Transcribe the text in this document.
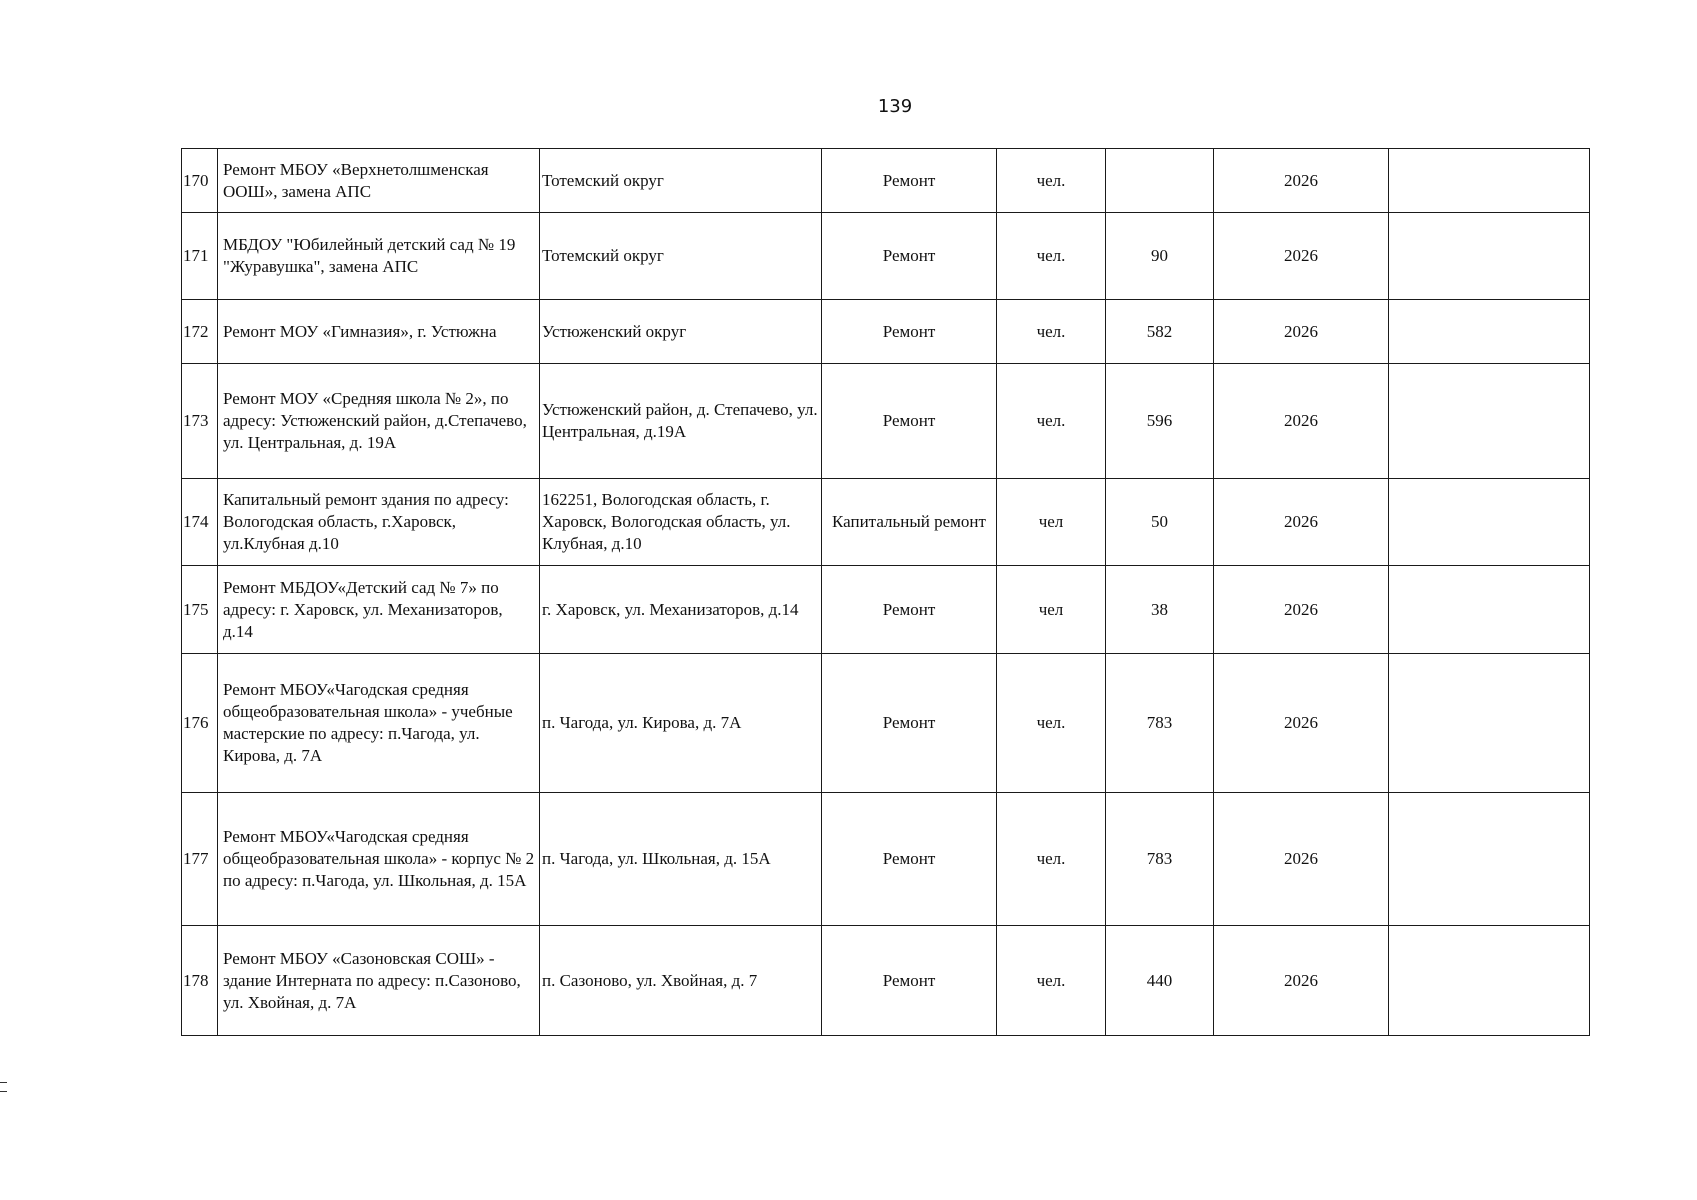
139
170	Ремонт МБОУ «Верхнетолшменская ООШ», замена АПС	Тотемский округ	Ремонт	чел.		2026	
171	МБДОУ "Юбилейный детский сад № 19 "Журавушка", замена АПС	Тотемский округ	Ремонт	чел.	90	2026	
172	Ремонт МОУ «Гимназия», г. Устюжна	Устюженский округ	Ремонт	чел.	582	2026	
173	Ремонт МОУ «Средняя школа № 2», по адресу: Устюженский район, д.Степачево, ул. Центральная, д. 19А	Устюженский район, д. Степачево, ул. Центральная, д.19А	Ремонт	чел.	596	2026	
174	Капитальный ремонт здания по адресу: Вологодская область, г.Харовск, ул.Клубная д.10	162251, Вологодская область, г. Харовск, Вологодская область, ул. Клубная, д.10	Капитальный ремонт	чел	50	2026	
175	Ремонт МБДОУ«Детский сад № 7» по адресу: г. Харовск, ул. Механизаторов, д.14	г. Харовск, ул. Механизаторов, д.14	Ремонт	чел	38	2026	
176	Ремонт МБОУ«Чагодская средняя общеобразовательная школа» - учебные мастерские по адресу: п.Чагода, ул. Кирова, д. 7А	п. Чагода, ул. Кирова, д. 7А	Ремонт	чел.	783	2026	
177	Ремонт МБОУ«Чагодская средняя общеобразовательная школа» - корпус № 2 по адресу: п.Чагода, ул. Школьная, д. 15А	п. Чагода, ул. Школьная, д. 15А	Ремонт	чел.	783	2026	
178	Ремонт МБОУ «Сазоновская СОШ» - здание Интерната по адресу: п.Сазоново, ул. Хвойная, д. 7А	п. Сазоново, ул. Хвойная, д. 7	Ремонт	чел.	440	2026	
